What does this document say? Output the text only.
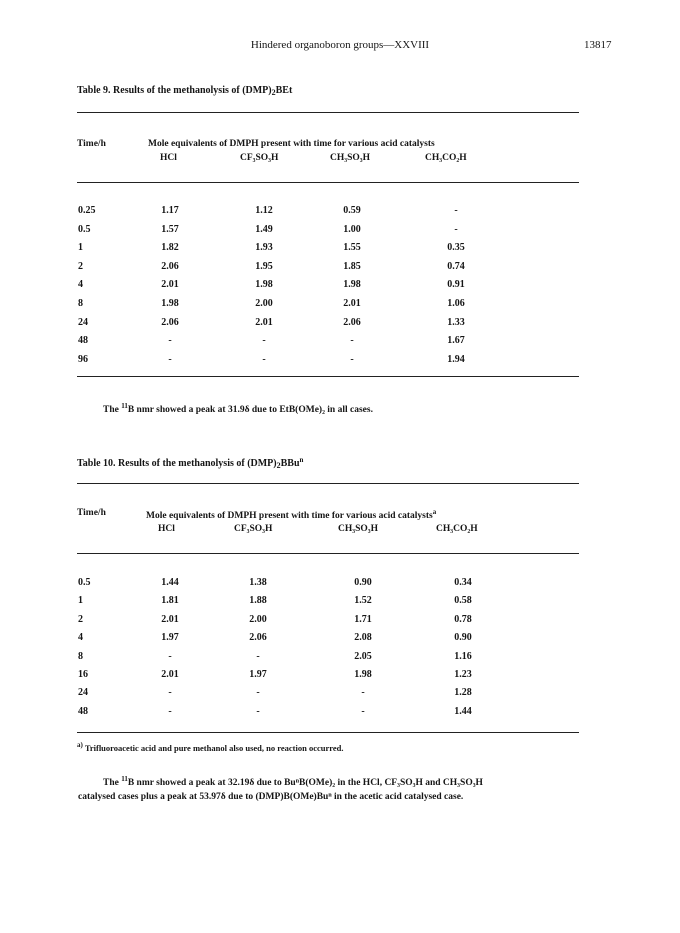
Hindered organoboron groups—XXVIII	13817
Table 9. Results of the methanolysis of $(DMP)_2BEt$
Time/h	Mole equivalents of DMPH present with time for various acid catalysts
HCl	CF₃SO₃H	CH₃SO₃H	CH₃CO₂H
0.25	1.17	1.12	0.59	-
0.5	1.57	1.49	1.00	-
1	1.82	1.93	1.55	0.35
2	2.06	1.95	1.85	0.74
4	2.01	1.98	1.98	0.91
8	1.98	2.00	2.01	1.06
24	2.06	2.01	2.06	1.33
48	-	-	-	1.67
96	-	-	-	1.94
The $^{11}$B nmr showed a peak at 31.9δ due to EtB(OMe)₂ in all cases.
Table 10. Results of the methanolysis of $(DMP)_2BBu^n$
Time/h	Mole equivalents of DMPH present with time for various acid catalysts$^a$
HCl	CF₃SO₃H	CH₃SO₃H	CH₃CO₂H
0.5	1.44	1.38	0.90	0.34
1	1.81	1.88	1.52	0.58
2	2.01	2.00	1.71	0.78
4	1.97	2.06	2.08	0.90
8	-	-	2.05	1.16
16	2.01	1.97	1.98	1.23
24	-	-	-	1.28
48	-	-	-	1.44
$^{a)}$ Trifluoroacetic acid and pure methanol also used, no reaction occurred.
The $^{11}$B nmr showed a peak at 32.19δ due to BuⁿB(OMe)₂ in the HCl, CF₃SO₃H and CH₃SO₃H
catalysed cases plus a peak at 53.97δ due to (DMP)B(OMe)Buⁿ in the acetic acid catalysed case.
